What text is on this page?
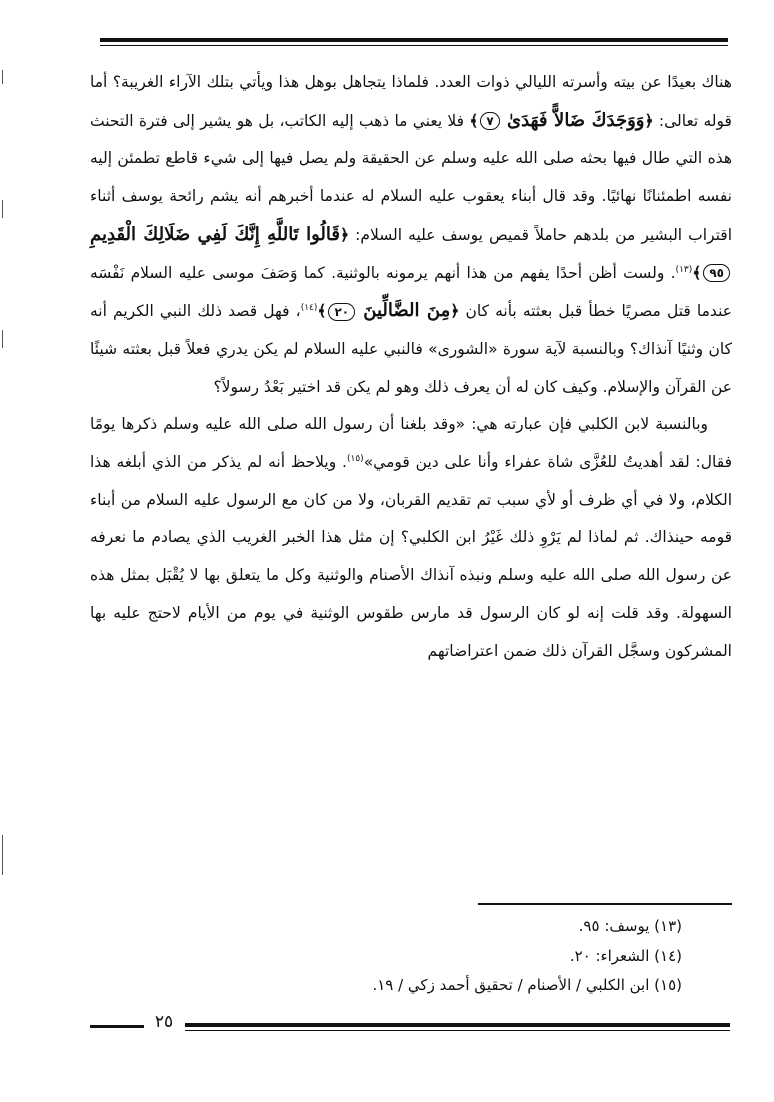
هناك بعيدًا عن بيته وأسرته الليالي ذوات العدد. فلماذا يتجاهل بوهل هذا ويأتي بتلك الآراء الغريبة؟ أما قوله تعالى: ﴿وَوَجَدَكَ ضَالاًّ فَهَدَىٰ ٧﴾ فلا يعني ما ذهب إليه الكاتب، بل هو يشير إلى فترة التحنث هذه التي طال فيها بحثه صلى الله عليه وسلم عن الحقيقة ولم يصل فيها إلى شيء قاطع تطمئن إليه نفسه اطمئنانًا نهائيًا. وقد قال أبناء يعقوب عليه السلام له عندما أخبرهم أنه يشم رائحة يوسف أثناء اقتراب البشير من بلدهم حاملاً قميص يوسف عليه السلام: ﴿قَالُوا تَاللَّهِ إِنَّكَ لَفِي ضَلَالِكَ الْقَدِيمِ ٩٥﴾$^{(١٣)}$. ولست أظن أحدًا يفهم من هذا أنهم يرمونه بالوثنية. كما وَصَفَ موسى عليه السلام نَفْسَه عندما قتل مصريًا خطأ قبل بعثته بأنه كان ﴿مِنَ الضَّالِّينَ ٢٠﴾$^{(١٤)}$، فهل قصد ذلك النبي الكريم أنه كان وثنيًا آنذاك؟ وبالنسبة لآية سورة «الشورى» فالنبي عليه السلام لم يكن يدري فعلاً قبل بعثته شيئًا عن القرآن والإسلام. وكيف كان له أن يعرف ذلك وهو لم يكن قد اختير بَعْدُ رسولاً؟

وبالنسبة لابن الكلبي فإن عبارته هي: «وقد بلغنا أن رسول الله صلى الله عليه وسلم ذكرها يومًا فقال: لقد أهديتُ للعُزَّى شاة عفراء وأنا على دين قومي»$^{(١٥)}$. ويلاحظ أنه لم يذكر من الذي أبلغه هذا الكلام، ولا في أي ظرف أو لأي سبب تم تقديم القربان، ولا من كان مع الرسول عليه السلام من أبناء قومه حينذاك. ثم لماذا لم يَرْوِ ذلك غَيْرُ ابن الكلبي؟ إن مثل هذا الخبر الغريب الذي يصادم ما نعرفه عن رسول الله صلى الله عليه وسلم ونبذه آنذاك الأصنام والوثنية وكل ما يتعلق بها لا يُقْبَل بمثل هذه السهولة. وقد قلت إنه لو كان الرسول قد مارس طقوس الوثنية في يوم من الأيام لاحتج عليه بها المشركون وسجَّل القرآن ذلك ضمن اعتراضاتهم

(١٣) يوسف: ٩٥.
(١٤) الشعراء: ٢٠.
(١٥) ابن الكلبي / الأصنام / تحقيق أحمد زكي / ١٩.
٢٥
